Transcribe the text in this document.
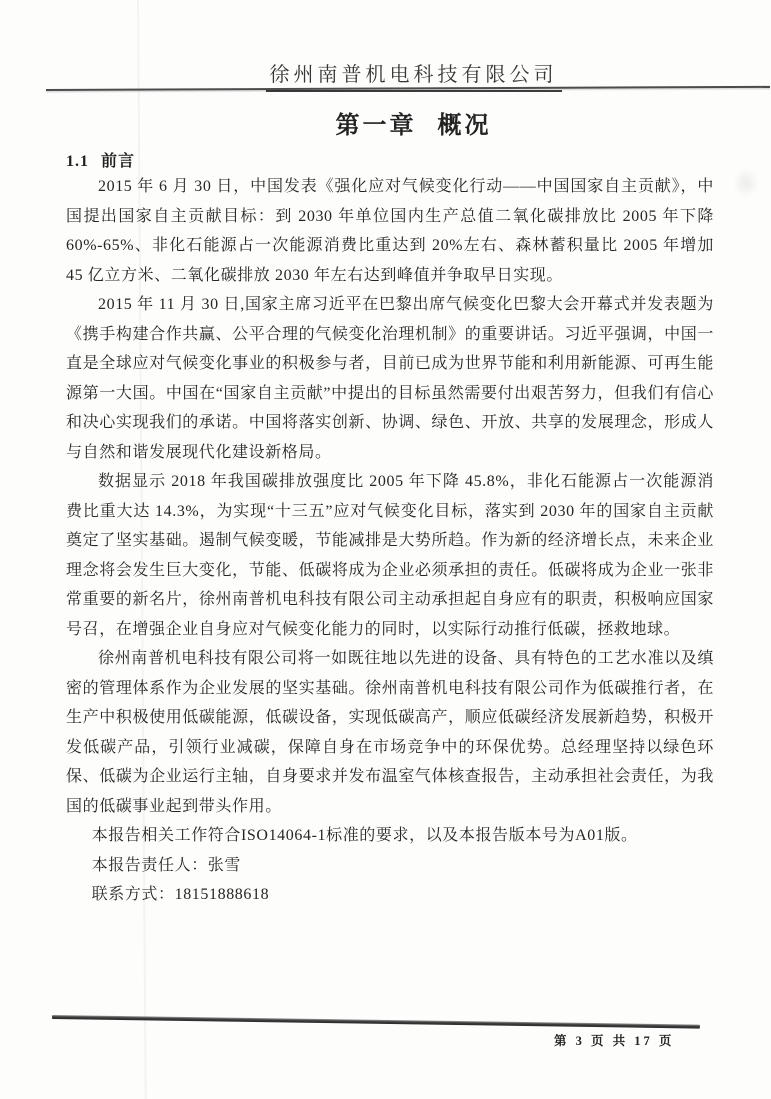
徐州南普机电科技有限公司
第一章 概况
1.1 前言

2015 年 6 月 30 日，中国发表《强化应对气候变化行动——中国国家自主贡献》，中国提出国家自主贡献目标：到 2030 年单位国内生产总值二氧化碳排放比 2005 年下降 60%-65%、非化石能源占一次能源消费比重达到 20%左右、森林蓄积量比 2005 年增加 45 亿立方米、二氧化碳排放 2030 年左右达到峰值并争取早日实现。

2015 年 11 月 30 日,国家主席习近平在巴黎出席气候变化巴黎大会开幕式并发表题为《携手构建合作共赢、公平合理的气候变化治理机制》的重要讲话。习近平强调，中国一直是全球应对气候变化事业的积极参与者，目前已成为世界节能和利用新能源、可再生能源第一大国。中国在“国家自主贡献”中提出的目标虽然需要付出艰苦努力，但我们有信心和决心实现我们的承诺。中国将落实创新、协调、绿色、开放、共享的发展理念，形成人与自然和谐发展现代化建设新格局。

数据显示 2018 年我国碳排放强度比 2005 年下降 45.8%，非化石能源占一次能源消费比重大达 14.3%，为实现“十三五”应对气候变化目标，落实到 2030 年的国家自主贡献奠定了坚实基础。遏制气候变暖，节能减排是大势所趋。作为新的经济增长点，未来企业理念将会发生巨大变化，节能、低碳将成为企业必须承担的责任。低碳将成为企业一张非常重要的新名片，徐州南普机电科技有限公司主动承担起自身应有的职责，积极响应国家号召，在增强企业自身应对气候变化能力的同时，以实际行动推行低碳，拯救地球。

徐州南普机电科技有限公司将一如既往地以先进的设备、具有特色的工艺水准以及缜密的管理体系作为企业发展的坚实基础。徐州南普机电科技有限公司作为低碳推行者，在生产中积极使用低碳能源，低碳设备，实现低碳高产，顺应低碳经济发展新趋势，积极开发低碳产品，引领行业减碳，保障自身在市场竞争中的环保优势。总经理坚持以绿色环保、低碳为企业运行主轴，自身要求并发布温室气体核查报告，主动承担社会责任，为我国的低碳事业起到带头作用。

本报告相关工作符合ISO14064-1标准的要求，以及本报告版本号为A01版。

本报告责任人：张雪

联系方式：18151888618

第 3 页 共 17 页
